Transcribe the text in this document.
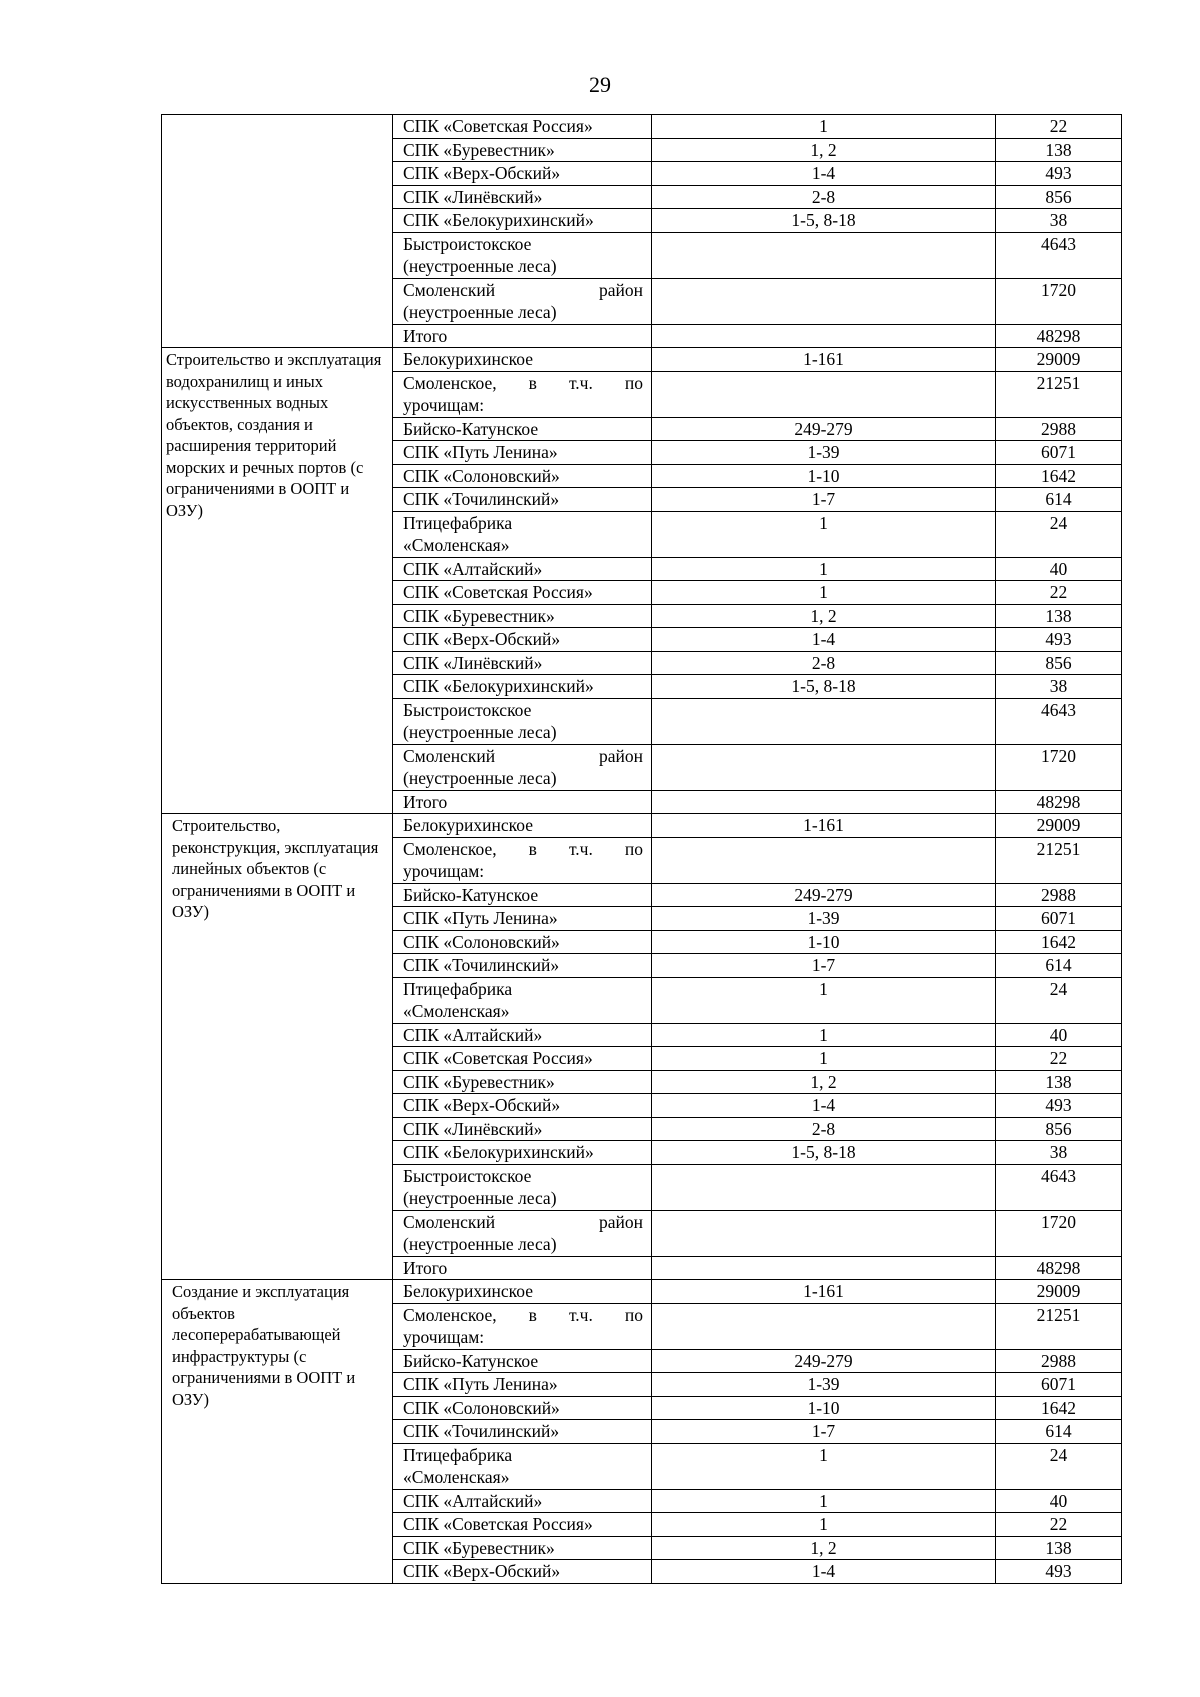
29

	СПК «Советская Россия»	1	22

	СПК «Буревестник»	1, 2	138

	СПК «Верх-Обский»	1-4	493

	СПК «Линёвский»	2-8	856

	СПК «Белокурихинский»	1-5, 8-18	38

	Быстроистокское
(неустроенные леса)		4643

	Смоленский район
(неустроенные леса)		1720

	Итого		48298
Строительство и эксплуатация водохранилищ и иных искусственных водных объектов, создания и расширения территорий морских и речных портов (с ограничениями в ООПТ и ОЗУ)	Белокурихинское	1-161	29009

	Смоленское, в т.ч. по
урочищам:		21251

	Бийско-Катунское	249-279	2988

	СПК «Путь Ленина»	1-39	6071

	СПК «Солоновский»	1-10	1642

	СПК «Точилинский»	1-7	614

	Птицефабрика
«Смоленская»	1	24

	СПК «Алтайский»	1	40

	СПК «Советская Россия»	1	22

	СПК «Буревестник»	1, 2	138

	СПК «Верх-Обский»	1-4	493

	СПК «Линёвский»	2-8	856

	СПК «Белокурихинский»	1-5, 8-18	38

	Быстроистокское
(неустроенные леса)		4643

	Смоленский район
(неустроенные леса)		1720

	Итого		48298
Строительство, реконструкция, эксплуатация линейных объектов (с ограничениями в ООПТ и ОЗУ)	Белокурихинское	1-161	29009

	Смоленское, в т.ч. по
урочищам:		21251

	Бийско-Катунское	249-279	2988

	СПК «Путь Ленина»	1-39	6071

	СПК «Солоновский»	1-10	1642

	СПК «Точилинский»	1-7	614

	Птицефабрика
«Смоленская»	1	24

	СПК «Алтайский»	1	40

	СПК «Советская Россия»	1	22

	СПК «Буревестник»	1, 2	138

	СПК «Верх-Обский»	1-4	493

	СПК «Линёвский»	2-8	856

	СПК «Белокурихинский»	1-5, 8-18	38

	Быстроистокское
(неустроенные леса)		4643

	Смоленский район
(неустроенные леса)		1720

	Итого		48298
Создание и эксплуатация объектов лесоперерабатывающей инфраструктуры (с ограничениями в ООПТ и ОЗУ)	Белокурихинское	1-161	29009

	Смоленское, в т.ч. по
урочищам:		21251

	Бийско-Катунское	249-279	2988

	СПК «Путь Ленина»	1-39	6071

	СПК «Солоновский»	1-10	1642

	СПК «Точилинский»	1-7	614

	Птицефабрика
«Смоленская»	1	24

	СПК «Алтайский»	1	40

	СПК «Советская Россия»	1	22

	СПК «Буревестник»	1, 2	138

	СПК «Верх-Обский»	1-4	493
